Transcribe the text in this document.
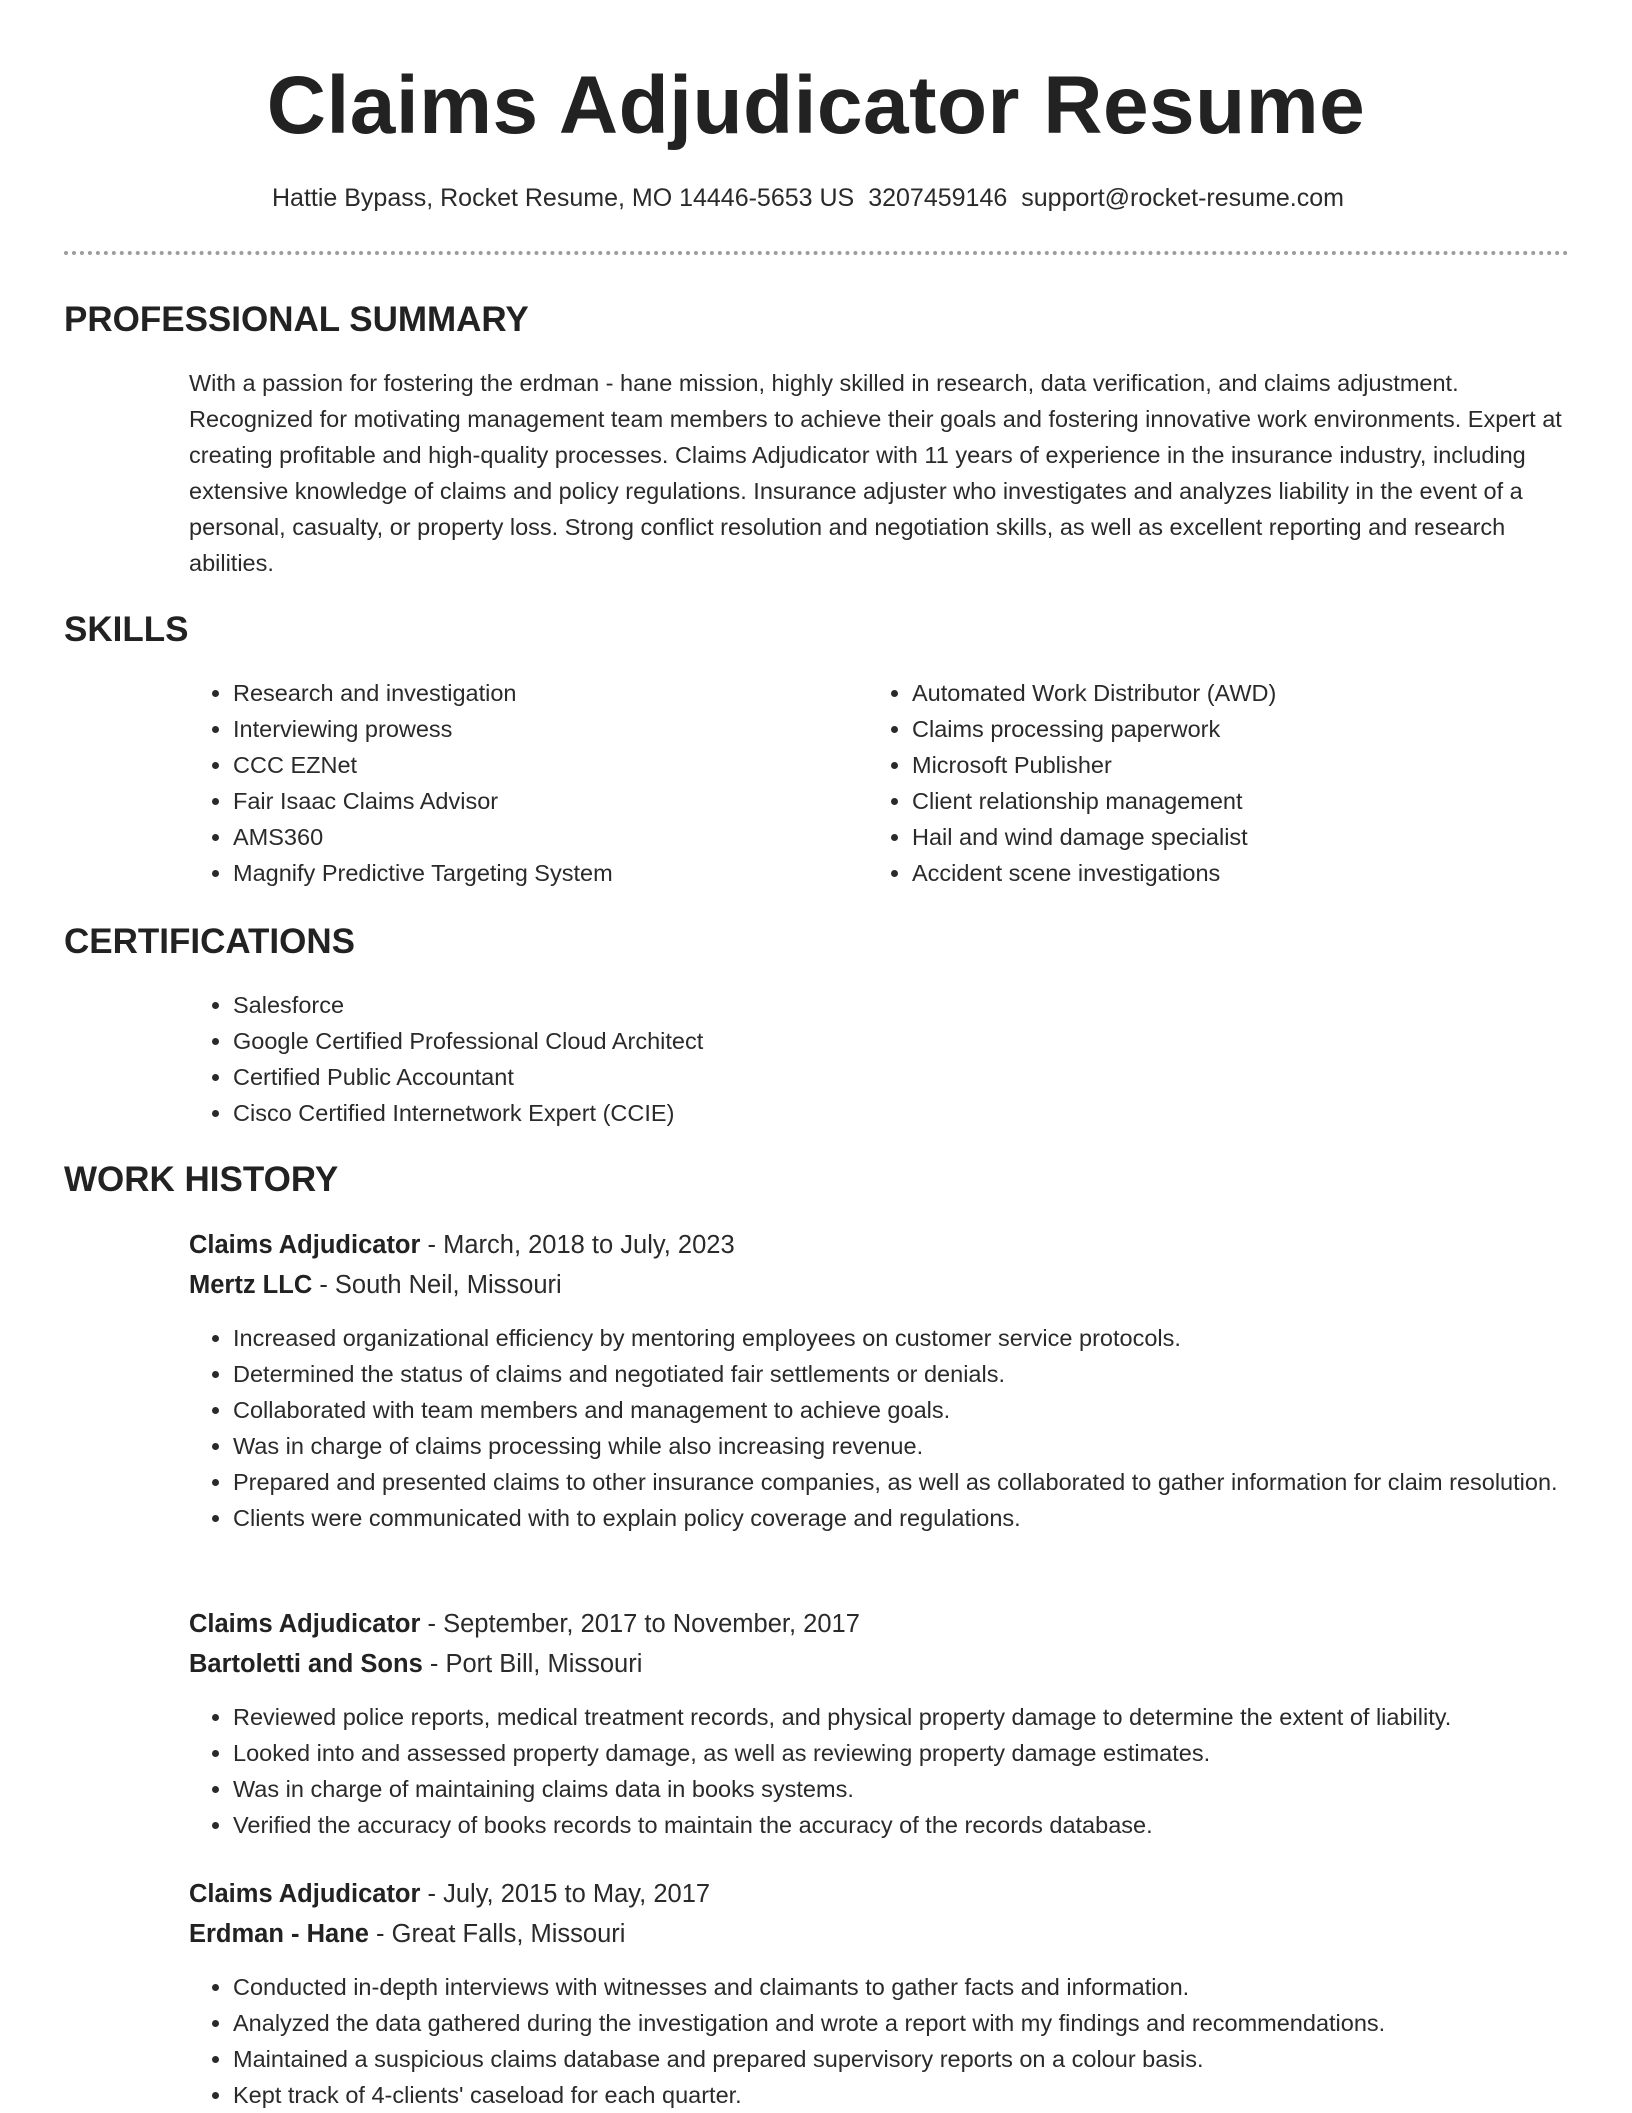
Claims Adjudicator Resume
Hattie Bypass, Rocket Resume, MO 14446-5653 US 3207459146 support@rocket-resume.com
PROFESSIONAL SUMMARY

With a passion for fostering the erdman - hane mission, highly skilled in research, data verification, and claims adjustment. Recognized for motivating management team members to achieve their goals and fostering innovative work environments. Expert at creating profitable and high-quality processes. Claims Adjudicator with 11 years of experience in the insurance industry, including extensive knowledge of claims and policy regulations. Insurance adjuster who investigates and analyzes liability in the event of a personal, casualty, or property loss. Strong conflict resolution and negotiation skills, as well as excellent reporting and research abilities.

SKILLS
• Research and investigation
• Interviewing prowess
• CCC EZNet
• Fair Isaac Claims Advisor
• AMS360
• Magnify Predictive Targeting System
• Automated Work Distributor (AWD)
• Claims processing paperwork
• Microsoft Publisher
• Client relationship management
• Hail and wind damage specialist
• Accident scene investigations
CERTIFICATIONS
• Salesforce
• Google Certified Professional Cloud Architect
• Certified Public Accountant
• Cisco Certified Internetwork Expert (CCIE)
WORK HISTORY
Claims Adjudicator - March, 2018 to July, 2023
Mertz LLC - South Neil, Missouri
• Increased organizational efficiency by mentoring employees on customer service protocols.
• Determined the status of claims and negotiated fair settlements or denials.
• Collaborated with team members and management to achieve goals.
• Was in charge of claims processing while also increasing revenue.
• Prepared and presented claims to other insurance companies, as well as collaborated to gather information for claim resolution.
• Clients were communicated with to explain policy coverage and regulations.
Claims Adjudicator - September, 2017 to November, 2017
Bartoletti and Sons - Port Bill, Missouri
• Reviewed police reports, medical treatment records, and physical property damage to determine the extent of liability.
• Looked into and assessed property damage, as well as reviewing property damage estimates.
• Was in charge of maintaining claims data in books systems.
• Verified the accuracy of books records to maintain the accuracy of the records database.
Claims Adjudicator - July, 2015 to May, 2017
Erdman - Hane - Great Falls, Missouri
• Conducted in-depth interviews with witnesses and claimants to gather facts and information.
• Analyzed the data gathered during the investigation and wrote a report with my findings and recommendations.
• Maintained a suspicious claims database and prepared supervisory reports on a colour basis.
• Kept track of 4-clients' caseload for each quarter.
